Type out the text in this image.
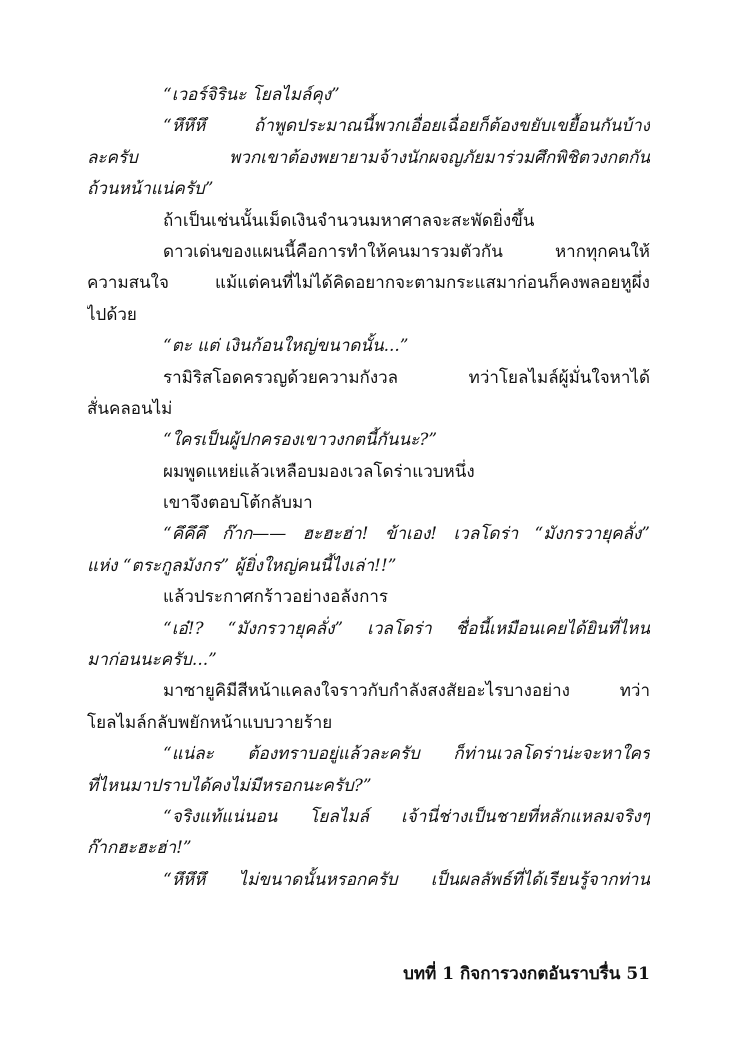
“เวอร์จิรินะ โยลไมล์คุง”
“หึหึหึ	ถ้าพูดประมาณนี้พวกเอื่อยเฉื่อยก็ต้องขยับเขยื้อนกันบ้าง
ละครับ	พวกเขาต้องพยายามจ้างนักผจญภัยมาร่วมศึกพิชิตวงกตกัน
ถ้วนหน้าแน่ครับ”
ถ้าเป็นเช่นนั้นเม็ดเงินจำนวนมหาศาลจะสะพัดยิ่งขึ้น
ดาวเด่นของแผนนี้คือการทำให้คนมารวมตัวกัน	หากทุกคนให้
ความสนใจ	แม้แต่คนที่ไม่ได้คิดอยากจะตามกระแสมาก่อนก็คงพลอยหูผึ่ง
ไปด้วย
“ตะ แต่ เงินก้อนใหญ่ขนาดนั้น...”
รามิริสโอดครวญด้วยความกังวล	ทว่าโยลไมล์ผู้มั่นใจหาได้
สั่นคลอนไม่
“ใครเป็นผู้ปกครองเขาวงกตนี้กันนะ?”
ผมพูดแหย่แล้วเหลือบมองเวลโดร่าแวบหนึ่ง
เขาจึงตอบโต้กลับมา
“คึคึคึ ก๊าก—— ฮะฮะฮ่า! ข้าเอง! เวลโดร่า “มังกรวายุคลั่ง”
แห่ง “ตระกูลมังกร” ผู้ยิ่งใหญ่คนนี้ไงเล่า!!”
แล้วประกาศกร้าวอย่างอลังการ
“เอ๋!? “มังกรวายุคลั่ง” เวลโดร่า ชื่อนี้เหมือนเคยได้ยินที่ไหน
มาก่อนนะครับ...”
มาซายูคิมีสีหน้าแคลงใจราวกับกำลังสงสัยอะไรบางอย่าง	ทว่า
โยลไมล์กลับพยักหน้าแบบวายร้าย
“แน่ละ ต้องทราบอยู่แล้วละครับ ก็ท่านเวลโดร่าน่ะจะหาใคร
ที่ไหนมาปราบได้คงไม่มีหรอกนะครับ?”
“จริงแท้แน่นอน โยลไมล์ เจ้านี่ช่างเป็นชายที่หลักแหลมจริงๆ
ก๊ากฮะฮะฮ่า!”
“หึหึหึ ไม่ขนาดนั้นหรอกครับ เป็นผลลัพธ์ที่ได้เรียนรู้จากท่าน
บทที่ 1 กิจการวงกตอันราบรื่น 51
